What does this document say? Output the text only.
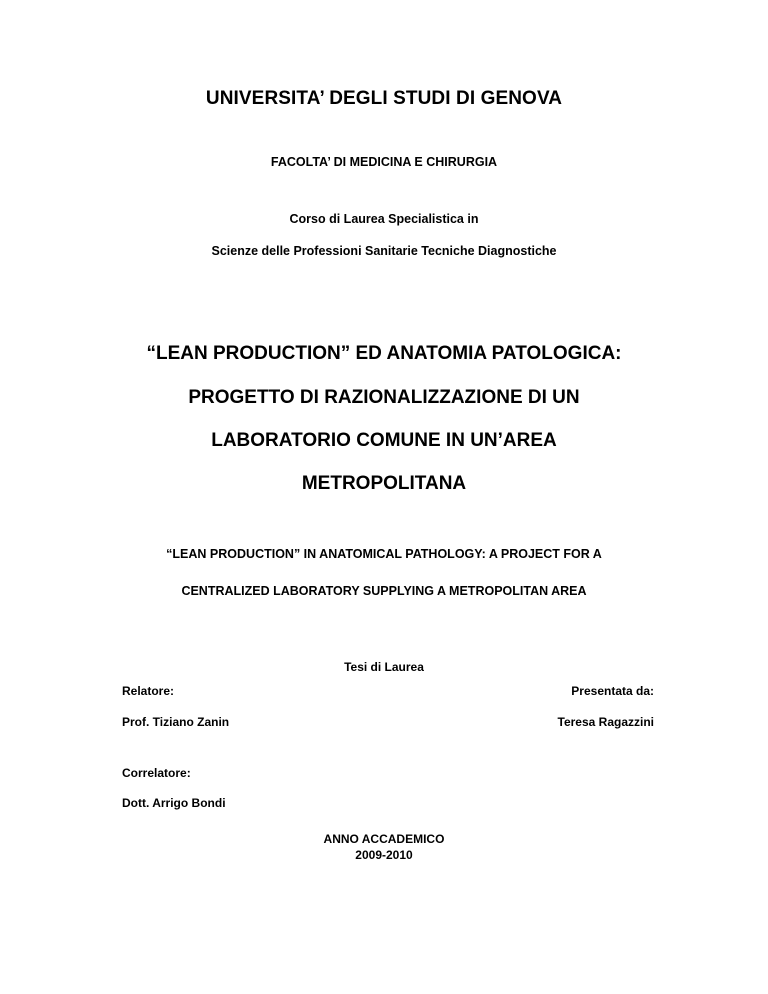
UNIVERSITA’ DEGLI STUDI DI GENOVA
FACOLTA’ DI MEDICINA E CHIRURGIA
Corso di Laurea Specialistica in
Scienze delle Professioni Sanitarie Tecniche Diagnostiche
“LEAN PRODUCTION” ED ANATOMIA PATOLOGICA:
PROGETTO DI RAZIONALIZZAZIONE DI UN
LABORATORIO COMUNE IN UN’AREA
METROPOLITANA
“LEAN PRODUCTION” IN ANATOMICAL PATHOLOGY: A PROJECT FOR A
CENTRALIZED LABORATORY SUPPLYING A METROPOLITAN AREA
Tesi di Laurea
Relatore:
Prof. Tiziano Zanin
Presentata da:
Teresa Ragazzini
Correlatore:
Dott. Arrigo Bondi
ANNO ACCADEMICO
2009-2010
